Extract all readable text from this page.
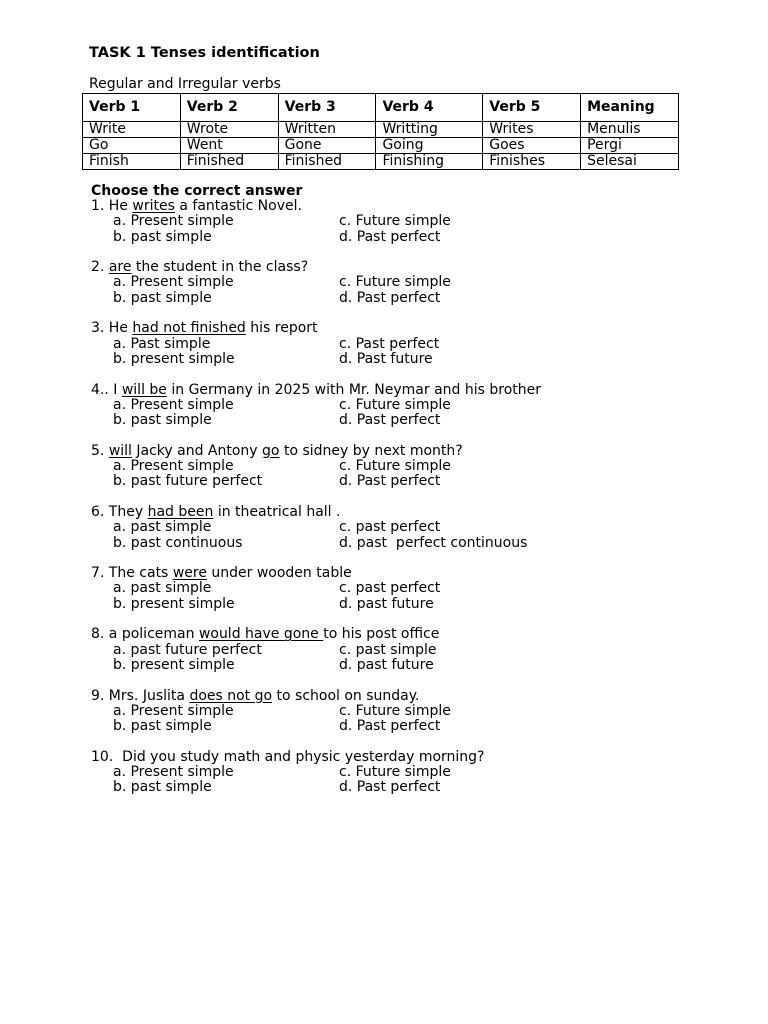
TASK 1 Tenses identification
Regular and Irregular verbs
Verb 1	Verb 2	Verb 3	Verb 4	Verb 5	Meaning
Write	Wrote	Written	Writting	Writes	Menulis
Go	Went	Gone	Going	Goes	Pergi
Finish	Finished	Finished	Finishing	Finishes	Selesai
Choose the correct answer
1. He writes a fantastic Novel.
a. Present simple	c. Future simple
b. past simple	d. Past perfect
2. are the student in the class?
a. Present simple	c. Future simple
b. past simple	d. Past perfect
3. He had not finished his report
a. Past simple	c. Past perfect
b. present simple	d. Past future
4.. I will be in Germany in 2025 with Mr. Neymar and his brother
a. Present simple	c. Future simple
b. past simple	d. Past perfect
5. will Jacky and Antony go to sidney by next month?
a. Present simple	c. Future simple
b. past future perfect	d. Past perfect
6. They had been in theatrical hall .
a. past simple	c. past perfect
b. past continuous	d. past  perfect continuous
7. The cats were under wooden table
a. past simple	c. past perfect
b. present simple	d. past future
8. a policeman would have gone to his post office
a. past future perfect	c. past simple
b. present simple	d. past future
9. Mrs. Juslita does not go to school on sunday.
a. Present simple	c. Future simple
b. past simple	d. Past perfect
10.  Did you study math and physic yesterday morning?
a. Present simple	c. Future simple
b. past simple	d. Past perfect
